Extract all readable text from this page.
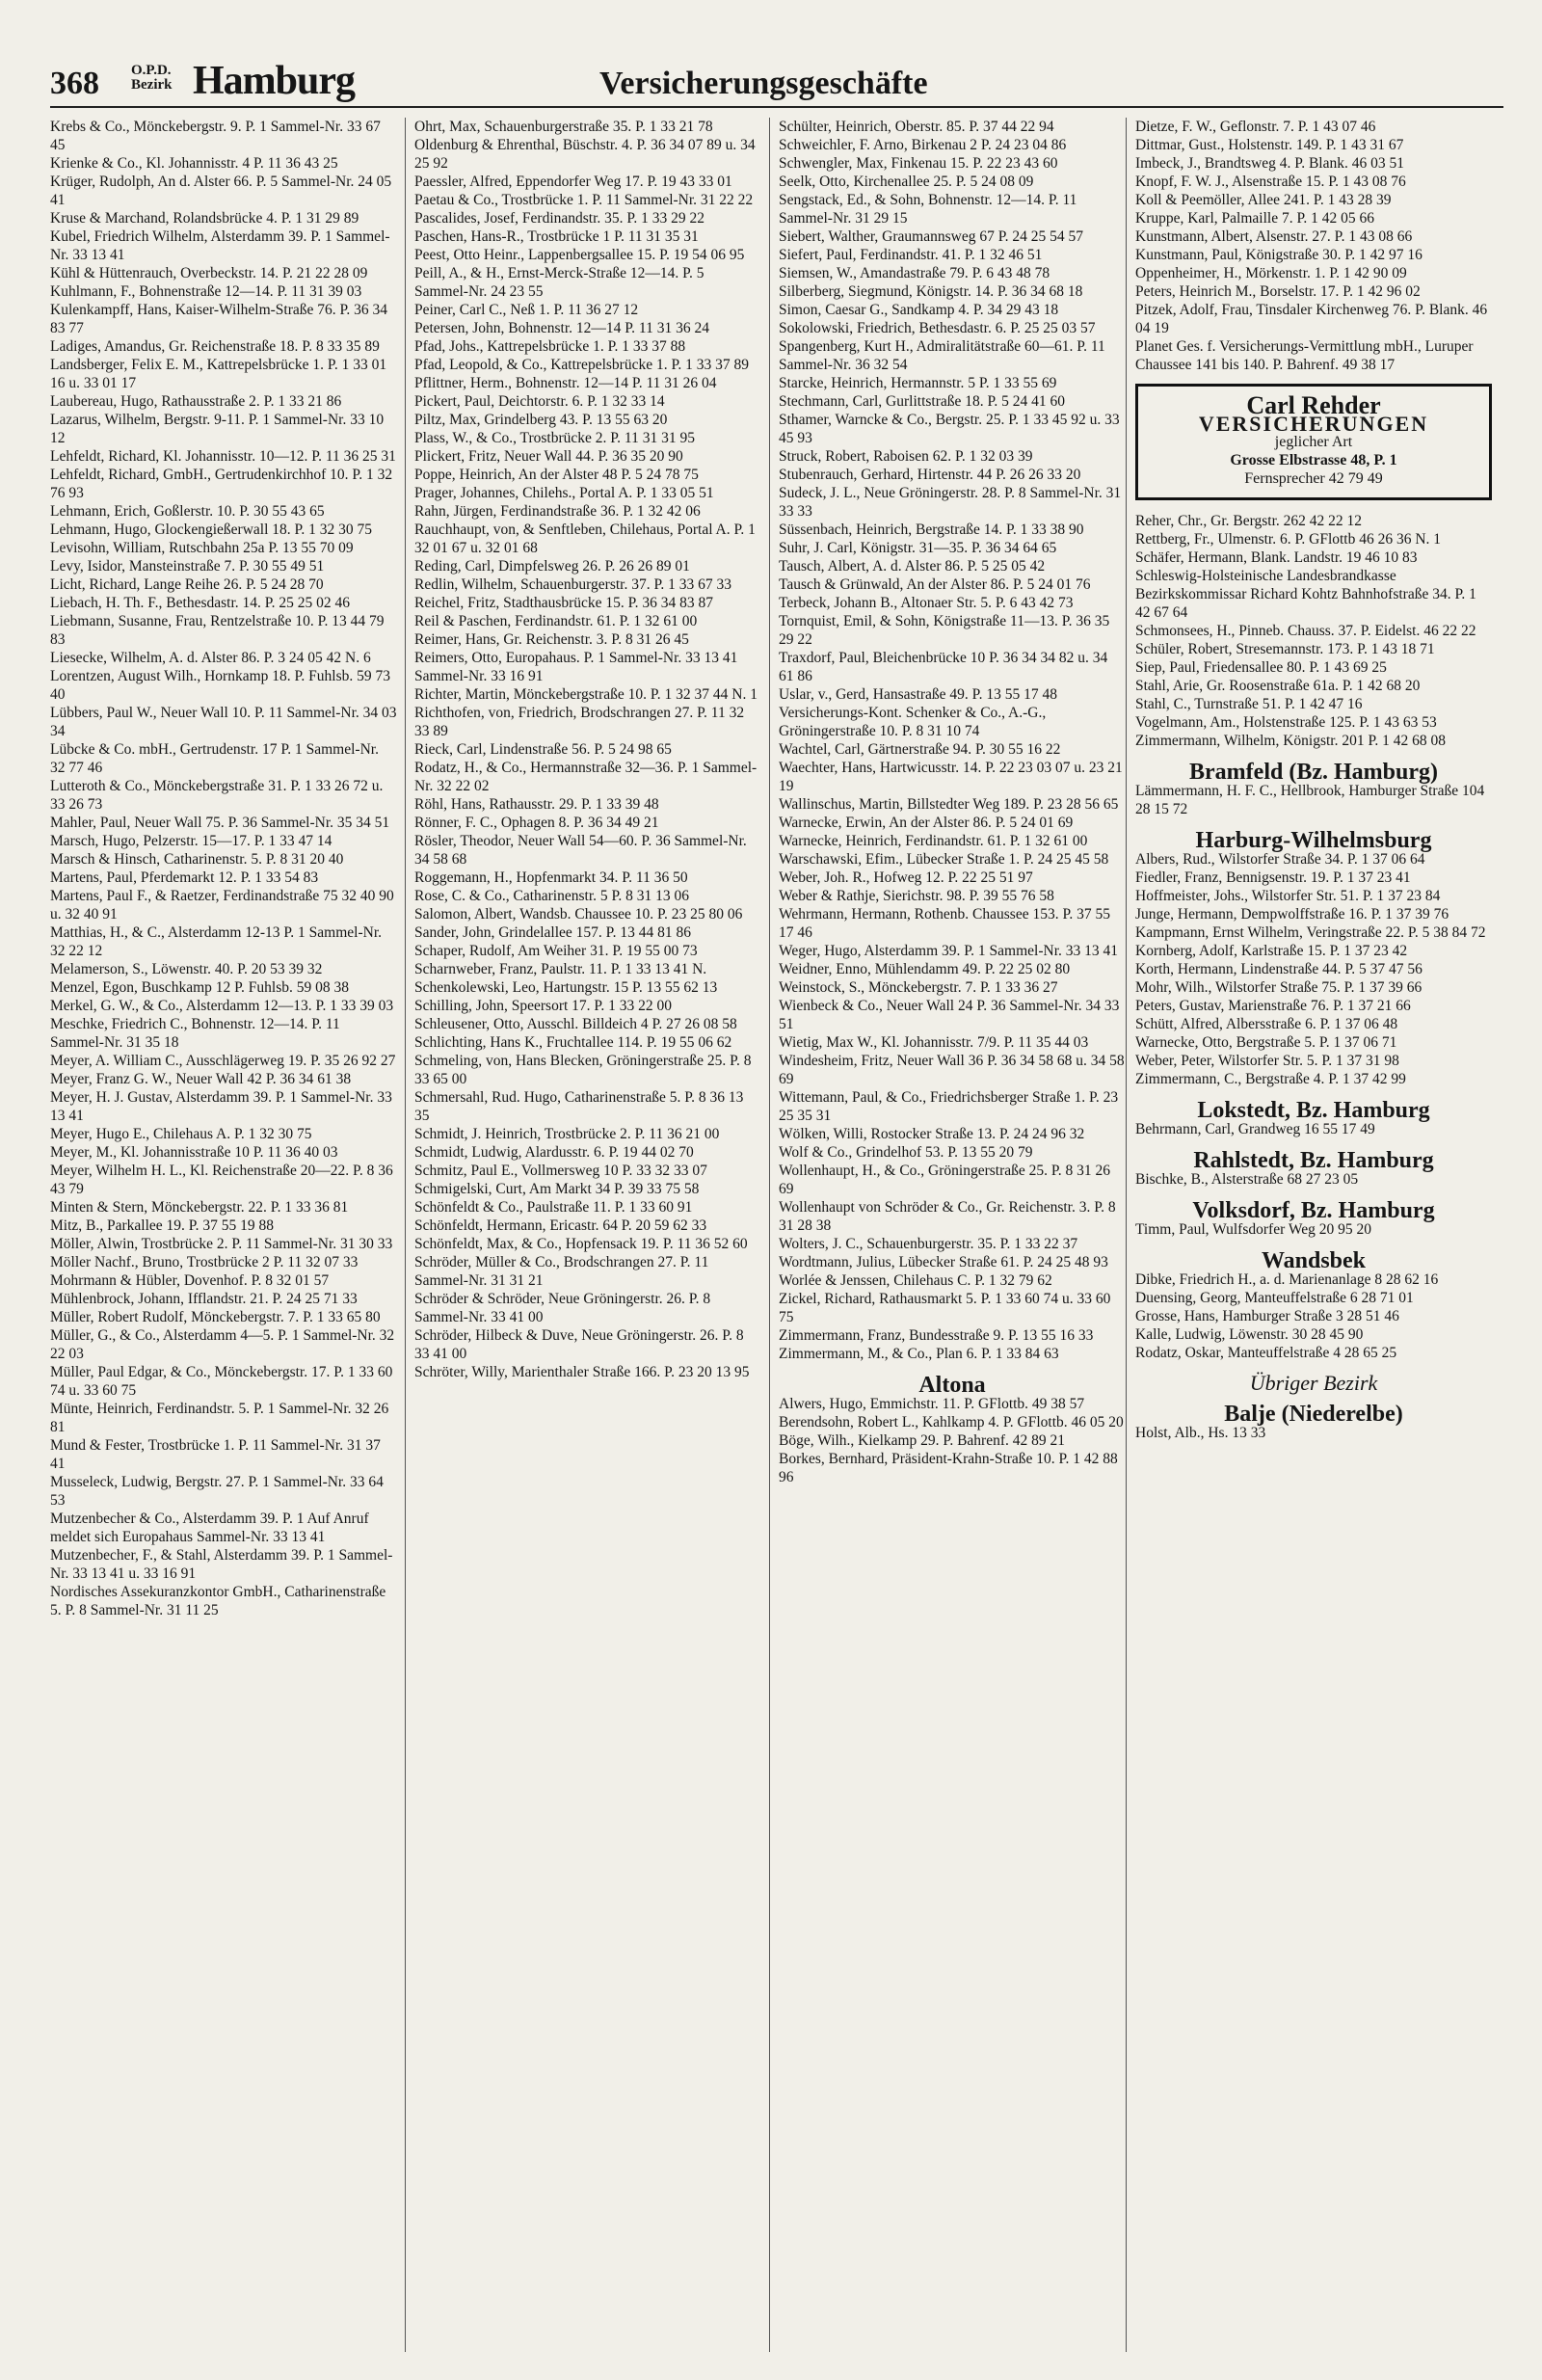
368 O.P.D.
Bezirk Hamburg	Versicherungsgeschäfte
Krebs & Co., Mönckebergstr. 9. P. 1 Sammel-Nr. 33 67 45
Krienke & Co., Kl. Johannisstr. 4 P. 11 36 43 25
Krüger, Rudolph, An d. Alster 66. P. 5 Sammel-Nr. 24 05 41
Kruse & Marchand, Rolandsbrücke 4. P. 1 31 29 89
Kubel, Friedrich Wilhelm, Alsterdamm 39. P. 1 Sammel-Nr. 33 13 41
Kühl & Hüttenrauch, Overbeckstr. 14. P. 21 22 28 09
Kuhlmann, F., Bohnenstraße 12—14. P. 11 31 39 03
Kulenkampff, Hans, Kaiser-Wilhelm-Straße 76. P. 36 34 83 77
Ladiges, Amandus, Gr. Reichenstraße 18. P. 8 33 35 89
Landsberger, Felix E. M., Kattrepelsbrücke 1. P. 1 33 01 16 u. 33 01 17
Laubereau, Hugo, Rathausstraße 2. P. 1 33 21 86
Lazarus, Wilhelm, Bergstr. 9-11. P. 1 Sammel-Nr. 33 10 12
Lehfeldt, Richard, Kl. Johannisstr. 10—12. P. 11 36 25 31
Lehfeldt, Richard, GmbH., Gertrudenkirchhof 10. P. 1 32 76 93
Lehmann, Erich, Goßlerstr. 10. P. 30 55 43 65
Lehmann, Hugo, Glockengießerwall 18. P. 1 32 30 75
Levisohn, William, Rutschbahn 25a P. 13 55 70 09
Levy, Isidor, Mansteinstraße 7. P. 30 55 49 51
Licht, Richard, Lange Reihe 26. P. 5 24 28 70
Liebach, H. Th. F., Bethesdastr. 14. P. 25 25 02 46
Liebmann, Susanne, Frau, Rentzelstraße 10. P. 13 44 79 83
Liesecke, Wilhelm, A. d. Alster 86. P. 3 24 05 42 N. 6
Lorentzen, August Wilh., Hornkamp 18. P. Fuhlsb. 59 73 40
Lübbers, Paul W., Neuer Wall 10. P. 11 Sammel-Nr. 34 03 34
Lübcke & Co. mbH., Gertrudenstr. 17 P. 1 Sammel-Nr. 32 77 46
Lutteroth & Co., Mönckebergstraße 31. P. 1 33 26 72 u. 33 26 73
Mahler, Paul, Neuer Wall 75. P. 36 Sammel-Nr. 35 34 51
Marsch, Hugo, Pelzerstr. 15—17. P. 1 33 47 14
Marsch & Hinsch, Catharinenstr. 5. P. 8 31 20 40
Martens, Paul, Pferdemarkt 12. P. 1 33 54 83
Martens, Paul F., & Raetzer, Ferdinandstraße 75 32 40 90 u. 32 40 91
Matthias, H., & C., Alsterdamm 12-13 P. 1 Sammel-Nr. 32 22 12
Melamerson, S., Löwenstr. 40. P. 20 53 39 32
Menzel, Egon, Buschkamp 12 P. Fuhlsb. 59 08 38
Merkel, G. W., & Co., Alsterdamm 12—13. P. 1 33 39 03
Meschke, Friedrich C., Bohnenstr. 12—14. P. 11 Sammel-Nr. 31 35 18
Meyer, A. William C., Ausschlägerweg 19. P. 35 26 92 27
Meyer, Franz G. W., Neuer Wall 42 P. 36 34 61 38
Meyer, H. J. Gustav, Alsterdamm 39. P. 1 Sammel-Nr. 33 13 41
Meyer, Hugo E., Chilehaus A. P. 1 32 30 75
Meyer, M., Kl. Johannisstraße 10 P. 11 36 40 03
Meyer, Wilhelm H. L., Kl. Reichenstraße 20—22. P. 8 36 43 79
Minten & Stern, Mönckebergstr. 22. P. 1 33 36 81
Mitz, B., Parkallee 19. P. 37 55 19 88
Möller, Alwin, Trostbrücke 2. P. 11 Sammel-Nr. 31 30 33
Möller Nachf., Bruno, Trostbrücke 2 P. 11 32 07 33
Mohrmann & Hübler, Dovenhof. P. 8 32 01 57
Mühlenbrock, Johann, Ifflandstr. 21. P. 24 25 71 33
Müller, Robert Rudolf, Mönckebergstr. 7. P. 1 33 65 80
Müller, G., & Co., Alsterdamm 4—5. P. 1 Sammel-Nr. 32 22 03
Müller, Paul Edgar, & Co., Mönckebergstr. 17. P. 1 33 60 74 u. 33 60 75
Münte, Heinrich, Ferdinandstr. 5. P. 1 Sammel-Nr. 32 26 81
Mund & Fester, Trostbrücke 1. P. 11 Sammel-Nr. 31 37 41
Musseleck, Ludwig, Bergstr. 27. P. 1 Sammel-Nr. 33 64 53
Mutzenbecher & Co., Alsterdamm 39. P. 1 Auf Anruf meldet sich Europahaus Sammel-Nr. 33 13 41
Mutzenbecher, F., & Stahl, Alsterdamm 39. P. 1 Sammel-Nr. 33 13 41 u. 33 16 91
Nordisches Assekuranzkontor GmbH., Catharinenstraße 5. P. 8 Sammel-Nr. 31 11 25
Ohrt, Max, Schauenburgerstraße 35. P. 1 33 21 78
Oldenburg & Ehrenthal, Büschstr. 4. P. 36 34 07 89 u. 34 25 92
Paessler, Alfred, Eppendorfer Weg 17. P. 19 43 33 01
Paetau & Co., Trostbrücke 1. P. 11 Sammel-Nr. 31 22 22
Pascalides, Josef, Ferdinandstr. 35. P. 1 33 29 22
Paschen, Hans-R., Trostbrücke 1 P. 11 31 35 31
Peest, Otto Heinr., Lappenbergsallee 15. P. 19 54 06 95
Peill, A., & H., Ernst-Merck-Straße 12—14. P. 5 Sammel-Nr. 24 23 55
Peiner, Carl C., Neß 1. P. 11 36 27 12
Petersen, John, Bohnenstr. 12—14 P. 11 31 36 24
Pfad, Johs., Kattrepelsbrücke 1. P. 1 33 37 88
Pfad, Leopold, & Co., Kattrepelsbrücke 1. P. 1 33 37 89
Pflittner, Herm., Bohnenstr. 12—14 P. 11 31 26 04
Pickert, Paul, Deichtorstr. 6. P. 1 32 33 14
Piltz, Max, Grindelberg 43. P. 13 55 63 20
Plass, W., & Co., Trostbrücke 2. P. 11 31 31 95
Plickert, Fritz, Neuer Wall 44. P. 36 35 20 90
Poppe, Heinrich, An der Alster 48 P. 5 24 78 75
Prager, Johannes, Chilehs., Portal A. P. 1 33 05 51
Rahn, Jürgen, Ferdinandstraße 36. P. 1 32 42 06
Rauchhaupt, von, & Senftleben, Chilehaus, Portal A. P. 1 32 01 67 u. 32 01 68
Reding, Carl, Dimpfelsweg 26. P. 26 26 89 01
Redlin, Wilhelm, Schauenburgerstr. 37. P. 1 33 67 33
Reichel, Fritz, Stadthausbrücke 15. P. 36 34 83 87
Reil & Paschen, Ferdinandstr. 61. P. 1 32 61 00
Reimer, Hans, Gr. Reichenstr. 3. P. 8 31 26 45
Reimers, Otto, Europahaus. P. 1 Sammel-Nr. 33 13 41 Sammel-Nr. 33 16 91
Richter, Martin, Mönckebergstraße 10. P. 1 32 37 44 N. 1
Richthofen, von, Friedrich, Brodschrangen 27. P. 11 32 33 89
Rieck, Carl, Lindenstraße 56. P. 5 24 98 65
Rodatz, H., & Co., Hermannstraße 32—36. P. 1 Sammel-Nr. 32 22 02
Röhl, Hans, Rathausstr. 29. P. 1 33 39 48
Rönner, F. C., Ophagen 8. P. 36 34 49 21
Rösler, Theodor, Neuer Wall 54—60. P. 36 Sammel-Nr. 34 58 68
Roggemann, H., Hopfenmarkt 34. P. 11 36 50
Rose, C. & Co., Catharinenstr. 5 P. 8 31 13 06
Salomon, Albert, Wandsb. Chaussee 10. P. 23 25 80 06
Sander, John, Grindelallee 157. P. 13 44 81 86
Schaper, Rudolf, Am Weiher 31. P. 19 55 00 73
Scharnweber, Franz, Paulstr. 11. P. 1 33 13 41 N.
Schenkolewski, Leo, Hartungstr. 15 P. 13 55 62 13
Schilling, John, Speersort 17. P. 1 33 22 00
Schleusener, Otto, Ausschl. Billdeich 4 P. 27 26 08 58
Schlichting, Hans K., Fruchtallee 114. P. 19 55 06 62
Schmeling, von, Hans Blecken, Gröningerstraße 25. P. 8 33 65 00
Schmersahl, Rud. Hugo, Catharinenstraße 5. P. 8 36 13 35
Schmidt, J. Heinrich, Trostbrücke 2. P. 11 36 21 00
Schmidt, Ludwig, Alardusstr. 6. P. 19 44 02 70
Schmitz, Paul E., Vollmersweg 10 P. 33 32 33 07
Schmigelski, Curt, Am Markt 34 P. 39 33 75 58
Schönfeldt & Co., Paulstraße 11. P. 1 33 60 91
Schönfeldt, Hermann, Ericastr. 64 P. 20 59 62 33
Schönfeldt, Max, & Co., Hopfensack 19. P. 11 36 52 60
Schröder, Müller & Co., Brodschrangen 27. P. 11 Sammel-Nr. 31 31 21
Schröder & Schröder, Neue Gröningerstr. 26. P. 8 Sammel-Nr. 33 41 00
Schröder, Hilbeck & Duve, Neue Gröningerstr. 26. P. 8 33 41 00
Schröter, Willy, Marienthaler Straße 166. P. 23 20 13 95
Schülter, Heinrich, Oberstr. 85. P. 37 44 22 94
Schweichler, F. Arno, Birkenau 2 P. 24 23 04 86
Schwengler, Max, Finkenau 15. P. 22 23 43 60
Seelk, Otto, Kirchenallee 25. P. 5 24 08 09
Sengstack, Ed., & Sohn, Bohnenstr. 12—14. P. 11 Sammel-Nr. 31 29 15
Siebert, Walther, Graumannsweg 67 P. 24 25 54 57
Siefert, Paul, Ferdinandstr. 41. P. 1 32 46 51
Siemsen, W., Amandastraße 79. P. 6 43 48 78
Silberberg, Siegmund, Königstr. 14. P. 36 34 68 18
Simon, Caesar G., Sandkamp 4. P. 34 29 43 18
Sokolowski, Friedrich, Bethesdastr. 6. P. 25 25 03 57
Spangenberg, Kurt H., Admiralitätstraße 60—61. P. 11 Sammel-Nr. 36 32 54
Starcke, Heinrich, Hermannstr. 5 P. 1 33 55 69
Stechmann, Carl, Gurlittstraße 18. P. 5 24 41 60
Sthamer, Warncke & Co., Bergstr. 25. P. 1 33 45 92 u. 33 45 93
Struck, Robert, Raboisen 62. P. 1 32 03 39
Stubenrauch, Gerhard, Hirtenstr. 44 P. 26 26 33 20
Sudeck, J. L., Neue Gröningerstr. 28. P. 8 Sammel-Nr. 31 33 33
Süssenbach, Heinrich, Bergstraße 14. P. 1 33 38 90
Suhr, J. Carl, Königstr. 31—35. P. 36 34 64 65
Tausch, Albert, A. d. Alster 86. P. 5 25 05 42
Tausch & Grünwald, An der Alster 86. P. 5 24 01 76
Terbeck, Johann B., Altonaer Str. 5. P. 6 43 42 73
Tornquist, Emil, & Sohn, Königstraße 11—13. P. 36 35 29 22
Traxdorf, Paul, Bleichenbrücke 10 P. 36 34 34 82 u. 34 61 86
Uslar, v., Gerd, Hansastraße 49. P. 13 55 17 48
Versicherungs-Kont. Schenker & Co., A.-G., Gröningerstraße 10. P. 8 31 10 74
Wachtel, Carl, Gärtnerstraße 94. P. 30 55 16 22
Waechter, Hans, Hartwicusstr. 14. P. 22 23 03 07 u. 23 21 19
Wallinschus, Martin, Billstedter Weg 189. P. 23 28 56 65
Warnecke, Erwin, An der Alster 86. P. 5 24 01 69
Warnecke, Heinrich, Ferdinandstr. 61. P. 1 32 61 00
Warschawski, Efim., Lübecker Straße 1. P. 24 25 45 58
Weber, Joh. R., Hofweg 12. P. 22 25 51 97
Weber & Rathje, Sierichstr. 98. P. 39 55 76 58
Wehrmann, Hermann, Rothenb. Chaussee 153. P. 37 55 17 46
Weger, Hugo, Alsterdamm 39. P. 1 Sammel-Nr. 33 13 41
Weidner, Enno, Mühlendamm 49. P. 22 25 02 80
Weinstock, S., Mönckebergstr. 7. P. 1 33 36 27
Wienbeck & Co., Neuer Wall 24 P. 36 Sammel-Nr. 34 33 51
Wietig, Max W., Kl. Johannisstr. 7/9. P. 11 35 44 03
Windesheim, Fritz, Neuer Wall 36 P. 36 34 58 68 u. 34 58 69
Wittemann, Paul, & Co., Friedrichsberger Straße 1. P. 23 25 35 31
Wölken, Willi, Rostocker Straße 13. P. 24 24 96 32
Wolf & Co., Grindelhof 53. P. 13 55 20 79
Wollenhaupt, H., & Co., Gröningerstraße 25. P. 8 31 26 69
Wollenhaupt von Schröder & Co., Gr. Reichenstr. 3. P. 8 31 28 38
Wolters, J. C., Schauenburgerstr. 35. P. 1 33 22 37
Wordtmann, Julius, Lübecker Straße 61. P. 24 25 48 93
Worlée & Jenssen, Chilehaus C. P. 1 32 79 62
Zickel, Richard, Rathausmarkt 5. P. 1 33 60 74 u. 33 60 75
Zimmermann, Franz, Bundesstraße 9. P. 13 55 16 33
Zimmermann, M., & Co., Plan 6. P. 1 33 84 63
Altona
Alwers, Hugo, Emmichstr. 11. P. GFlottb. 49 38 57
Berendsohn, Robert L., Kahlkamp 4. P. GFlottb. 46 05 20
Böge, Wilh., Kielkamp 29. P. Bahrenf. 42 89 21
Borkes, Bernhard, Präsident-Krahn-Straße 10. P. 1 42 88 96
Dietze, F. W., Geflonstr. 7. P. 1 43 07 46
Dittmar, Gust., Holstenstr. 149. P. 1 43 31 67
Imbeck, J., Brandtsweg 4. P. Blank. 46 03 51
Knopf, F. W. J., Alsenstraße 15. P. 1 43 08 76
Koll & Peemöller, Allee 241. P. 1 43 28 39
Kruppe, Karl, Palmaille 7. P. 1 42 05 66
Kunstmann, Albert, Alsenstr. 27. P. 1 43 08 66
Kunstmann, Paul, Königstraße 30. P. 1 42 97 16
Oppenheimer, H., Mörkenstr. 1. P. 1 42 90 09
Peters, Heinrich M., Borselstr. 17. P. 1 42 96 02
Pitzek, Adolf, Frau, Tinsdaler Kirchenweg 76. P. Blank. 46 04 19
Planet Ges. f. Versicherungs-Vermittlung mbH., Luruper Chaussee 141 bis 140. P. Bahrenf. 49 38 17
Carl Rehder
VERSICHERUNGEN
jeglicher Art
Grosse Elbstrasse 48, P. 1
Fernsprecher 42 79 49
Reher, Chr., Gr. Bergstr. 262 42 22 12
Rettberg, Fr., Ulmenstr. 6. P. GFlottb 46 26 36 N. 1
Schäfer, Hermann, Blank. Landstr. 19 46 10 83
Schleswig-Holsteinische Landesbrandkasse Bezirkskommissar Richard Kohtz Bahnhofstraße 34. P. 1 42 67 64
Schmonsees, H., Pinneb. Chauss. 37. P. Eidelst. 46 22 22
Schüler, Robert, Stresemannstr. 173. P. 1 43 18 71
Siep, Paul, Friedensallee 80. P. 1 43 69 25
Stahl, Arie, Gr. Roosenstraße 61a. P. 1 42 68 20
Stahl, C., Turnstraße 51. P. 1 42 47 16
Vogelmann, Am., Holstenstraße 125. P. 1 43 63 53
Zimmermann, Wilhelm, Königstr. 201 P. 1 42 68 08
Bramfeld (Bz. Hamburg)
Lämmermann, H. F. C., Hellbrook, Hamburger Straße 104 28 15 72
Harburg-Wilhelmsburg
Albers, Rud., Wilstorfer Straße 34. P. 1 37 06 64
Fiedler, Franz, Bennigsenstr. 19. P. 1 37 23 41
Hoffmeister, Johs., Wilstorfer Str. 51. P. 1 37 23 84
Junge, Hermann, Dempwolffstraße 16. P. 1 37 39 76
Kampmann, Ernst Wilhelm, Veringstraße 22. P. 5 38 84 72
Kornberg, Adolf, Karlstraße 15. P. 1 37 23 42
Korth, Hermann, Lindenstraße 44. P. 5 37 47 56
Mohr, Wilh., Wilstorfer Straße 75. P. 1 37 39 66
Peters, Gustav, Marienstraße 76. P. 1 37 21 66
Schütt, Alfred, Albersstraße 6. P. 1 37 06 48
Warnecke, Otto, Bergstraße 5. P. 1 37 06 71
Weber, Peter, Wilstorfer Str. 5. P. 1 37 31 98
Zimmermann, C., Bergstraße 4. P. 1 37 42 99
Lokstedt, Bz. Hamburg
Behrmann, Carl, Grandweg 16 55 17 49
Rahlstedt, Bz. Hamburg
Bischke, B., Alsterstraße 68 27 23 05
Volksdorf, Bz. Hamburg
Timm, Paul, Wulfsdorfer Weg 20 95 20
Wandsbek
Dibke, Friedrich H., a. d. Marienanlage 8 28 62 16
Duensing, Georg, Manteuffelstraße 6 28 71 01
Grosse, Hans, Hamburger Straße 3 28 51 46
Kalle, Ludwig, Löwenstr. 30 28 45 90
Rodatz, Oskar, Manteuffelstraße 4 28 65 25
Übriger Bezirk
Balje (Niederelbe)
Holst, Alb., Hs. 13 33
